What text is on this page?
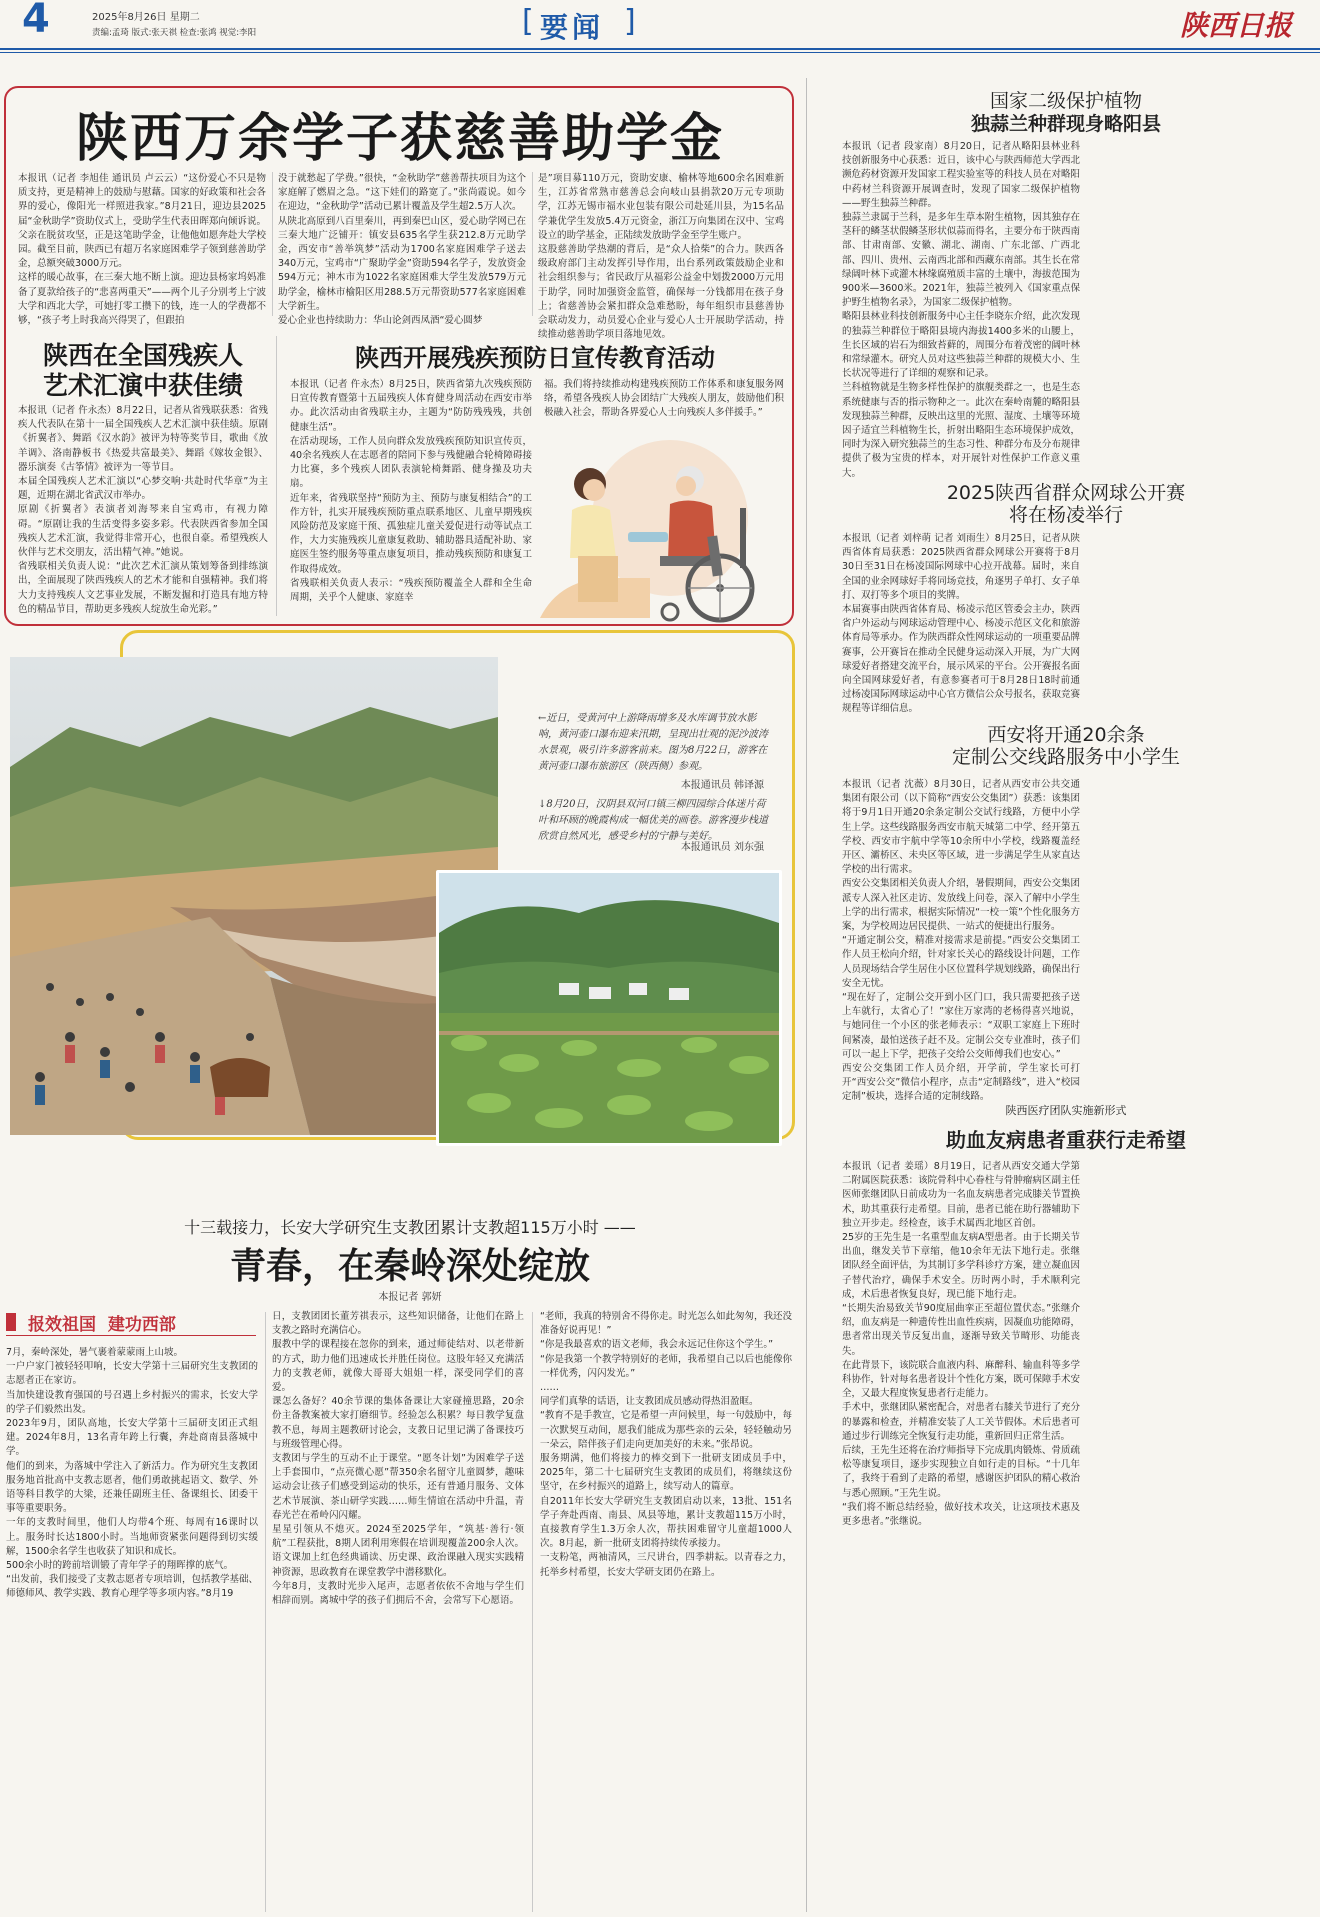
4	2025年8月26日 星期二
责编:孟琦 版式:张天祺 检查:张鸿 视觉:李阳	[ 要闻 ]	陕西日报
陕西万余学子获慈善助学金
本报讯（记者 李旭佳 通讯员 卢云云）“这份爱心不只是物质支持，更是精神上的鼓励与慰藉。国家的好政策和社会各界的爱心，像阳光一样照进我家。”8月21日，迎边县2025届“金秋助学”资助仪式上，受助学生代表田晖郑向倾诉说。父亲在脱贫攻坚，正是这笔助学金，让他他如愿奔赴大学校园。截至目前，陕西已有超万名家庭困难学子领到慈善助学金，总额突破3000万元。
这样的暖心故事，在三秦大地不断上演。迎边县杨家坞妈准备了夏款给孩子的“悲喜两重天”——两个儿子分别考上宁波大学和西北大学，可她打零工攒下的钱，连一人的学费都不够，“孩子考上时我高兴得哭了，但跟拍
没于就愁起了学费。”很快，“金秋助学”慈善帮扶项目为这个家庭解了燃眉之急。“这下娃们的路宽了。”张尚霞说。如今在迎边，“金秋助学”活动已累计覆盖及学生超2.5万人次。
从陕北高原到八百里秦川，再到秦巴山区，爱心助学网已在三秦大地广泛铺开：镇安县635名学生获212.8万元助学金，西安市“善举筑梦”活动为1700名家庭困难学子送去340万元，宝鸡市“广聚助学金”资助594名学子，发放资金594万元；神木市为1022名家庭困难大学生发放579万元助学金，榆林市榆阳区用288.5万元帮资助577名家庭困难大学新生。
爱心企业也持续助力：华山论剑西凤酒“爱心圆梦
是”项目募110万元，资助安康、榆林等地600余名困难新生，江苏省常熟市慈善总会向岐山县捐款20万元专项助学，江苏无锡市福水业包装有限公司赴延川县，为15名品学兼优学生发放5.4万元资金，浙江万向集团在汉中、宝鸡设立的助学基金，正陆续发放助学金至学生账户。
这股慈善助学热潮的背后，是“众人拾柴”的合力。陕西各级政府部门主动发挥引导作用，出台系列政策鼓励企业和社会组织参与；省民政厅从福彩公益金中划拨2000万元用于助学，同时加强资金监管，确保每一分钱都用在孩子身上；省慈善协会紧扣群众急难愁盼，每年组织市县慈善协会联动发力，动员爱心企业与爱心人士开展助学活动，持续推动慈善助学项目落地见效。
陕西在全国残疾人
艺术汇演中获佳绩
本报讯（记者 仵永杰）8月22日，记者从省残联获悉：省残疾人代表队在第十一届全国残疾人艺术汇演中获佳绩。原剧《折翼者》、舞蹈《汉水韵》被评为特等奖节目，歌曲《放羊调》、洛南静板书《热爱共富最美》、舞蹈《嫁妆金银》、器乐演奏《古筝情》被评为一等节目。
本届全国残疾人艺术汇演以“心梦交响·共赴时代华章”为主题，近期在湖北省武汉市举办。
原剧《折翼者》表演者刘海琴来自宝鸡市，有视力障碍。“原剧让我的生活变得多姿多彩。代表陕西省参加全国残疾人艺术汇演，我觉得非常开心，也很自豪。希望残疾人伙伴与艺术交朋友，活出精气神。”她说。
省残联相关负责人说：“此次艺术汇演从策划筹备到排练演出，全面展现了陕西残疾人的艺术才能和自强精神。我们将大力支持残疾人文艺事业发展，不断发掘和打造具有地方特色的精品节目，帮助更多残疾人绽放生命光彩。”
陕西开展残疾预防日宣传教育活动
本报讯（记者 仵永杰）8月25日，陕西省第九次残疾预防日宣传教育暨第十五届残疾人体育健身周活动在西安市举办。此次活动由省残联主办，主题为“防防残残残，共创健康生活”。
在活动现场，工作人员向群众发放残疾预防知识宣传页，40余名残疾人在志愿者的陪同下参与残健融合轮椅障碍接力比赛，多个残疾人团队表演轮椅舞蹈、健身操及功夫扇。
近年来，省残联坚持“预防为主、预防与康复相结合”的工作方针，扎实开展残疾预防重点联系地区、儿童早期残疾风险防范及家庭干预、孤独症儿童关爱促进行动等试点工作，大力实施残疾儿童康复救助、辅助器具适配补助、家庭医生签约服务等重点康复项目，推动残疾预防和康复工作取得成效。
省残联相关负责人表示：“残疾预防覆盖全人群和全生命周期，关乎个人健康、家庭幸
福。我们将持续推动构建残疾预防工作体系和康复服务网络，希望各残疾人协会团结广大残疾人朋友，鼓励他们积极融入社会，帮助各界爱心人士向残疾人多伴援手。”
←近日，受黄河中上游降雨增多及水库调节放水影响，黄河壶口瀑布迎来汛期，呈现出壮观的泥沙波涛水景观，吸引许多游客前来。图为8月22日，游客在黄河壶口瀑布旅游区（陕西侧）参观。
本报通讯员 韩译源
↓8月20日，汉阴县双河口镇三柳四园综合体迷片荷叶和环顾的晚霞构成一幅优美的画卷。游客漫步栈道欣赏自然风光，感受乡村的宁静与美好。
本报通讯员 刘东强
十三载接力，长安大学研究生支教团累计支教超115万小时 ——
青春，在秦岭深处绽放
本报记者 郭妍
报效祖国  建功西部
7月，秦岭深处，暑气裹着蒙蒙雨上山坡。
一户户家门被轻轻叩响，长安大学第十三届研究生支教团的志愿者正在家访。
当加快建设教育强国的号召遇上乡村振兴的需求，长安大学的学子们毅然出发。
2023年9月，团队高地，长安大学第十三届研支团正式组建。2024年8月，13名青年跨上行囊，奔赴商南县落城中学。
他们的到来，为落城中学注入了新活力。作为研究生支教团服务地首批高中支教志愿者，他们勇敢挑起语文、数学、外语等科目教学的大梁，还兼任副班主任、备课组长、团委干事等重要职务。
一年的支教时间里，他们人均带4个班、每周有16课时以上。服务时长达1800小时。当地师资紧张问题得到切实缓解，1500余名学生也收获了知识和成长。
500余小时的跨前培训锻了青年学子的翔晖撑的底气。
“出发前，我们接受了支教志愿者专项培训，包括教学基础、师德师风、教学实践、教育心理学等多项内容。”8月19
日，支教团团长董芳祺表示，这些知识储备，让他们在路上支教之路时充满信心。
服教中学的课程接在忽你的到来，通过师徒结对、以老带新的方式，助力他们迅速成长并胜任岗位。这股年轻又充满活力的支教老师，就像大哥哥大姐姐一样，深受同学们的喜爱。
课怎么备好？40余节课的集体备课让大家碰撞思路，20余份主备教案被大家打磨细节。经验怎么积累？每日教学复盘教不息，每周主题教研讨论会，支教日记里记满了备课技巧与班级管理心得。
支教团与学生的互动不止于课堂。“愿冬计划”为困难学子送上手套围巾，“点亮微心愿”帮350余名留守儿童圆梦，趣味运动会让孩子们感受到运动的快乐，还有普通月服务、文体艺术节展演、茶山研学实践……师生情谊在活动中升温，青春光芒在希岭闪闪耀。
星星引领从不熄灭。2024至2025学年，“筑基·善行·领航”工程获批，8期人团利用寒假在培训现覆盖200余人次。语文课加上红色经典诵读、历史课、政治课融入现实实践精神资源，思政教育在课堂教学中潜移默化。
今年8月，支教时光步入尾声，志愿者依依不舍地与学生们相辞而别。离城中学的孩子们拥后不舍，会常写下心愿语。
“老师，我真的特别舍不得你走。时光怎么如此匆匆，我还没准备好说再见！”
“你是我最喜欢的语文老师，我会永远记住你这个学生。”
“你是我第一个教学特别好的老师，我希望自己以后也能像你一样优秀，闪闪发光。”
……
同学们真挚的话语，让支教团成员感动得热泪盈眶。
“教育不是手教宣，它是希望一声问候里，每一句鼓励中，每一次默契互动间，愿我们能成为那些亲的云朵，轻轻触动另一朵云，陪伴孩子们走向更加美好的未来。”张昂说。
服务期满，他们将接力的棒交到下一批研支团成员手中，2025年，第二十七届研究生支教团的成员们，将继续这份坚守，在乡村振兴的道路上，续写动人的篇章。
自2011年长安大学研究生支教团启动以来，13批、151名学子奔赴西南、南县、凤县等地，累计支教超115万小时，直接教育学生1.3万余人次，帮扶困难留守儿童超1000人次。8月起，新一批研支团将持续传承接力。
一支粉笔，两袖清风，三尺讲台，四季耕耘。以青春之力，托举乡村希望，长安大学研支团仍在路上。
国家二级保护植物
独蒜兰种群现身略阳县
本报讯（记者 段家南）8月20日，记者从略阳县林业科技创新服务中心获悉：近日，该中心与陕西师范大学西北濒危药材资源开发国家工程实验室等的科技人员在对略阳中药材兰科资源开展调查时，发现了国家二级保护植物——野生独蒜兰种群。
独蒜兰隶属于兰科，是多年生草本附生植物，因其独存在茎秆的鳞茎状假鳞茎形状似蒜而得名，主要分布于陕西南部、甘肃南部、安徽、湖北、湖南、广东北部、广西北部、四川、贵州、云南西北部和西藏东南部。其生长在常绿阔叶林下或灌木林缘腐殖质丰富的土壤中，海拔范围为900米—3600米。2021年，独蒜兰被列入《国家重点保护野生植物名录》，为国家二级保护植物。
略阳县林业科技创新服务中心主任李晓东介绍，此次发现的独蒜兰种群位于略阳县境内海拔1400多米的山腰上，生长区域的岩石为细致苔藓的，周围分布着茂密的阔叶林和常绿灌木。研究人员对这些独蒜兰种群的规模大小、生长状况等进行了详细的观察和记录。
兰科植物就是生物多样性保护的旗舰类群之一，也是生态系统健康与否的指示物种之一。此次在秦岭南麓的略阳县发现独蒜兰种群，反映出这里的光照、湿度、土壤等环境因子适宜兰科植物生长，折射出略阳生态环境保护成效，同时为深入研究独蒜兰的生态习性、种群分布及分布规律提供了极为宝贵的样本，对开展针对性保护工作意义重大。
2025陕西省群众网球公开赛
将在杨凌举行
本报讯（记者 刘梓萌 记者 刘雨生）8月25日，记者从陕西省体育局获悉：2025陕西省群众网球公开赛将于8月30日至31日在杨凌国际网球中心拉开战幕。届时，来自全国的业余网球好手将同场竞技，角逐男子单打、女子单打、双打等多个项目的奖牌。
本届赛事由陕西省体育局、杨凌示范区管委会主办，陕西省户外运动与网球运动管理中心、杨凌示范区文化和旅游体育局等承办。作为陕西群众性网球运动的一项重要品牌赛事，公开赛旨在推动全民健身运动深入开展，为广大网球爱好者搭建交流平台，展示风采的平台。公开赛报名面向全国网球爱好者，有意参赛者可于8月28日18时前通过杨凌国际网球运动中心官方微信公众号报名，获取竞赛规程等详细信息。
西安将开通20余条
定制公交线路服务中小学生
本报讯（记者 沈薇）8月30日，记者从西安市公共交通集团有限公司（以下简称“西安公交集团”）获悉：该集团将于9月1日开通20余条定制公交试行线路，方便中小学生上学。这些线路服务西安市航天城第二中学、经开第五学校、西安市宇航中学等10余所中小学校，线路覆盖经开区、灞桥区、未央区等区域，进一步满足学生从家直达学校的出行需求。
西安公交集团相关负责人介绍，暑假期间，西安公交集团派专人深入社区走访、发放线上问卷，深入了解中小学生上学的出行需求，根据实际情况“一校一策”个性化服务方案，为学校周边居民提供、一站式的便捷出行服务。
“开通定制公交，精准对接需求是前提。”西安公交集团工作人员王松向介绍，针对家长关心的路线设计问题，工作人员现场结合学生居住小区位置科学规划线路，确保出行安全无忧。
“现在好了，定制公交开到小区门口，我只需要把孩子送上车就行，太省心了！”家住万家湾的老杨得喜兴地说，与她同住一个小区的张老师表示：“双职工家庭上下班时间紧凑，最怕送孩子赶不及。定制公交专业准时，孩子们可以一起上下学，把孩子交给公交师傅我们也安心。”
西安公交集团工作人员介绍，开学前，学生家长可打开“西安公交”微信小程序，点击“定制路线”，进入“校园定制”板块，选择合适的定制线路。
陕西医疗团队实施新形式
助血友病患者重获行走希望
本报讯（记者 姜瑶）8月19日，记者从西安交通大学第二附属医院获悉：该院骨科中心眷柱与骨肿瘤病区副主任医师张继团队日前成功为一名血友病患者完成膝关节置换术，助其重获行走希望。目前，患者已能在助行器辅助下独立开步走。经检查，该手术属西北地区首创。
25岁的王先生是一名重型血友病A型患者。由于长期关节出血，继发关节下章缩，他10余年无法下地行走。张继团队经全面评估，为其制订多学科诊疗方案，建立凝血因子替代治疗，确保手术安全。历时两小时，手术顺利完成，术后患者恢复良好，现已能下地行走。
“长期失治易致关节90度屈曲挛正至超位置伏态。”张继介绍，血友病是一种遗传性出血性疾病，因凝血功能障碍，患者常出现关节反复出血，逐渐导致关节畸形、功能丧失。
在此背景下，该院联合血液内科、麻醉科、输血科等多学科协作，针对每名患者设计个性化方案，既可保障手术安全，又最大程度恢复患者行走能力。
手术中，张继团队紧密配合，对患者右膝关节进行了充分的暴露和检查，并精准安装了人工关节假体。术后患者可通过步行训练完全恢复行走功能，重新回归正常生活。
后续，王先生还将在治疗师指导下完成肌肉锻炼、骨质疏松等康复项目，逐步实现独立自如行走的目标。“十几年了，我终于看到了走路的希望，感谢医护团队的精心救治与悉心照顾。”王先生说。
“我们将不断总结经验，做好技术攻关，让这项技术惠及更多患者。”张继说。
